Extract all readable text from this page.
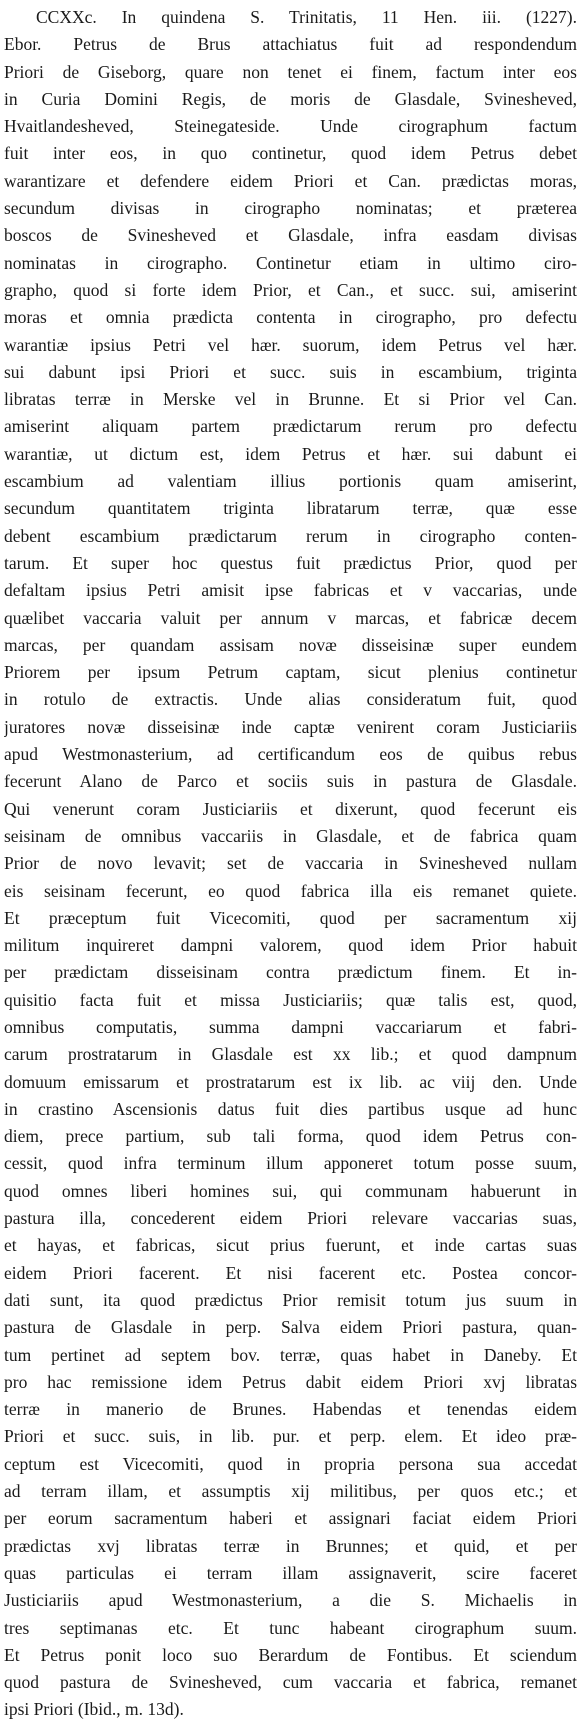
CCXXc. In quindena S. Trinitatis, 11 Hen. iii. (1227).
Ebor. Petrus de Brus attachiatus fuit ad respondendum
Priori de Giseborg, quare non tenet ei finem, factum inter eos
in Curia Domini Regis, de moris de Glasdale, Svinesheved,
Hvaitlandesheved, Steinegateside. Unde cirographum factum
fuit inter eos, in quo continetur, quod idem Petrus debet
warantizare et defendere eidem Priori et Can. prædictas moras,
secundum divisas in cirographo nominatas; et præterea
boscos de Svinesheved et Glasdale, infra easdam divisas
nominatas in cirographo. Continetur etiam in ultimo ciro-
grapho, quod si forte idem Prior, et Can., et succ. sui, amiserint
moras et omnia prædicta contenta in cirographo, pro defectu
warantiæ ipsius Petri vel hær. suorum, idem Petrus vel hær.
sui dabunt ipsi Priori et succ. suis in escambium, triginta
libratas terræ in Merske vel in Brunne. Et si Prior vel Can.
amiserint aliquam partem prædictarum rerum pro defectu
warantiæ, ut dictum est, idem Petrus et hær. sui dabunt ei
escambium ad valentiam illius portionis quam amiserint,
secundum quantitatem triginta libratarum terræ, quæ esse
debent escambium prædictarum rerum in cirographo conten-
tarum. Et super hoc questus fuit prædictus Prior, quod per
defaltam ipsius Petri amisit ipse fabricas et v vaccarias, unde
quælibet vaccaria valuit per annum v marcas, et fabricæ decem
marcas, per quandam assisam novæ disseisinæ super eundem
Priorem per ipsum Petrum captam, sicut plenius continetur
in rotulo de extractis. Unde alias consideratum fuit, quod
juratores novæ disseisinæ inde captæ venirent coram Justiciariis
apud Westmonasterium, ad certificandum eos de quibus rebus
fecerunt Alano de Parco et sociis suis in pastura de Glasdale.
Qui venerunt coram Justiciariis et dixerunt, quod fecerunt eis
seisinam de omnibus vaccariis in Glasdale, et de fabrica quam
Prior de novo levavit; set de vaccaria in Svinesheved nullam
eis seisinam fecerunt, eo quod fabrica illa eis remanet quiete.
Et præceptum fuit Vicecomiti, quod per sacramentum xij
militum inquireret dampni valorem, quod idem Prior habuit
per prædictam disseisinam contra prædictum finem. Et in-
quisitio facta fuit et missa Justiciariis; quæ talis est, quod,
omnibus computatis, summa dampni vaccariarum et fabri-
carum prostratarum in Glasdale est xx lib.; et quod dampnum
domuum emissarum et prostratarum est ix lib. ac viij den. Unde
in crastino Ascensionis datus fuit dies partibus usque ad hunc
diem, prece partium, sub tali forma, quod idem Petrus con-
cessit, quod infra terminum illum apponeret totum posse suum,
quod omnes liberi homines sui, qui communam habuerunt in
pastura illa, concederent eidem Priori relevare vaccarias suas,
et hayas, et fabricas, sicut prius fuerunt, et inde cartas suas
eidem Priori facerent. Et nisi facerent etc. Postea concor-
dati sunt, ita quod prædictus Prior remisit totum jus suum in
pastura de Glasdale in perp. Salva eidem Priori pastura, quan-
tum pertinet ad septem bov. terræ, quas habet in Daneby. Et
pro hac remissione idem Petrus dabit eidem Priori xvj libratas
terræ in manerio de Brunes. Habendas et tenendas eidem
Priori et succ. suis, in lib. pur. et perp. elem. Et ideo præ-
ceptum est Vicecomiti, quod in propria persona sua accedat
ad terram illam, et assumptis xij militibus, per quos etc.; et
per eorum sacramentum haberi et assignari faciat eidem Priori
prædictas xvj libratas terræ in Brunnes; et quid, et per
quas particulas ei terram illam assignaverit, scire faceret
Justiciariis apud Westmonasterium, a die S. Michaelis in
tres septimanas etc. Et tunc habeant cirographum suum.
Et Petrus ponit loco suo Berardum de Fontibus. Et sciendum
quod pastura de Svinesheved, cum vaccaria et fabrica, remanet
ipsi Priori (Ibid., m. 13d).
